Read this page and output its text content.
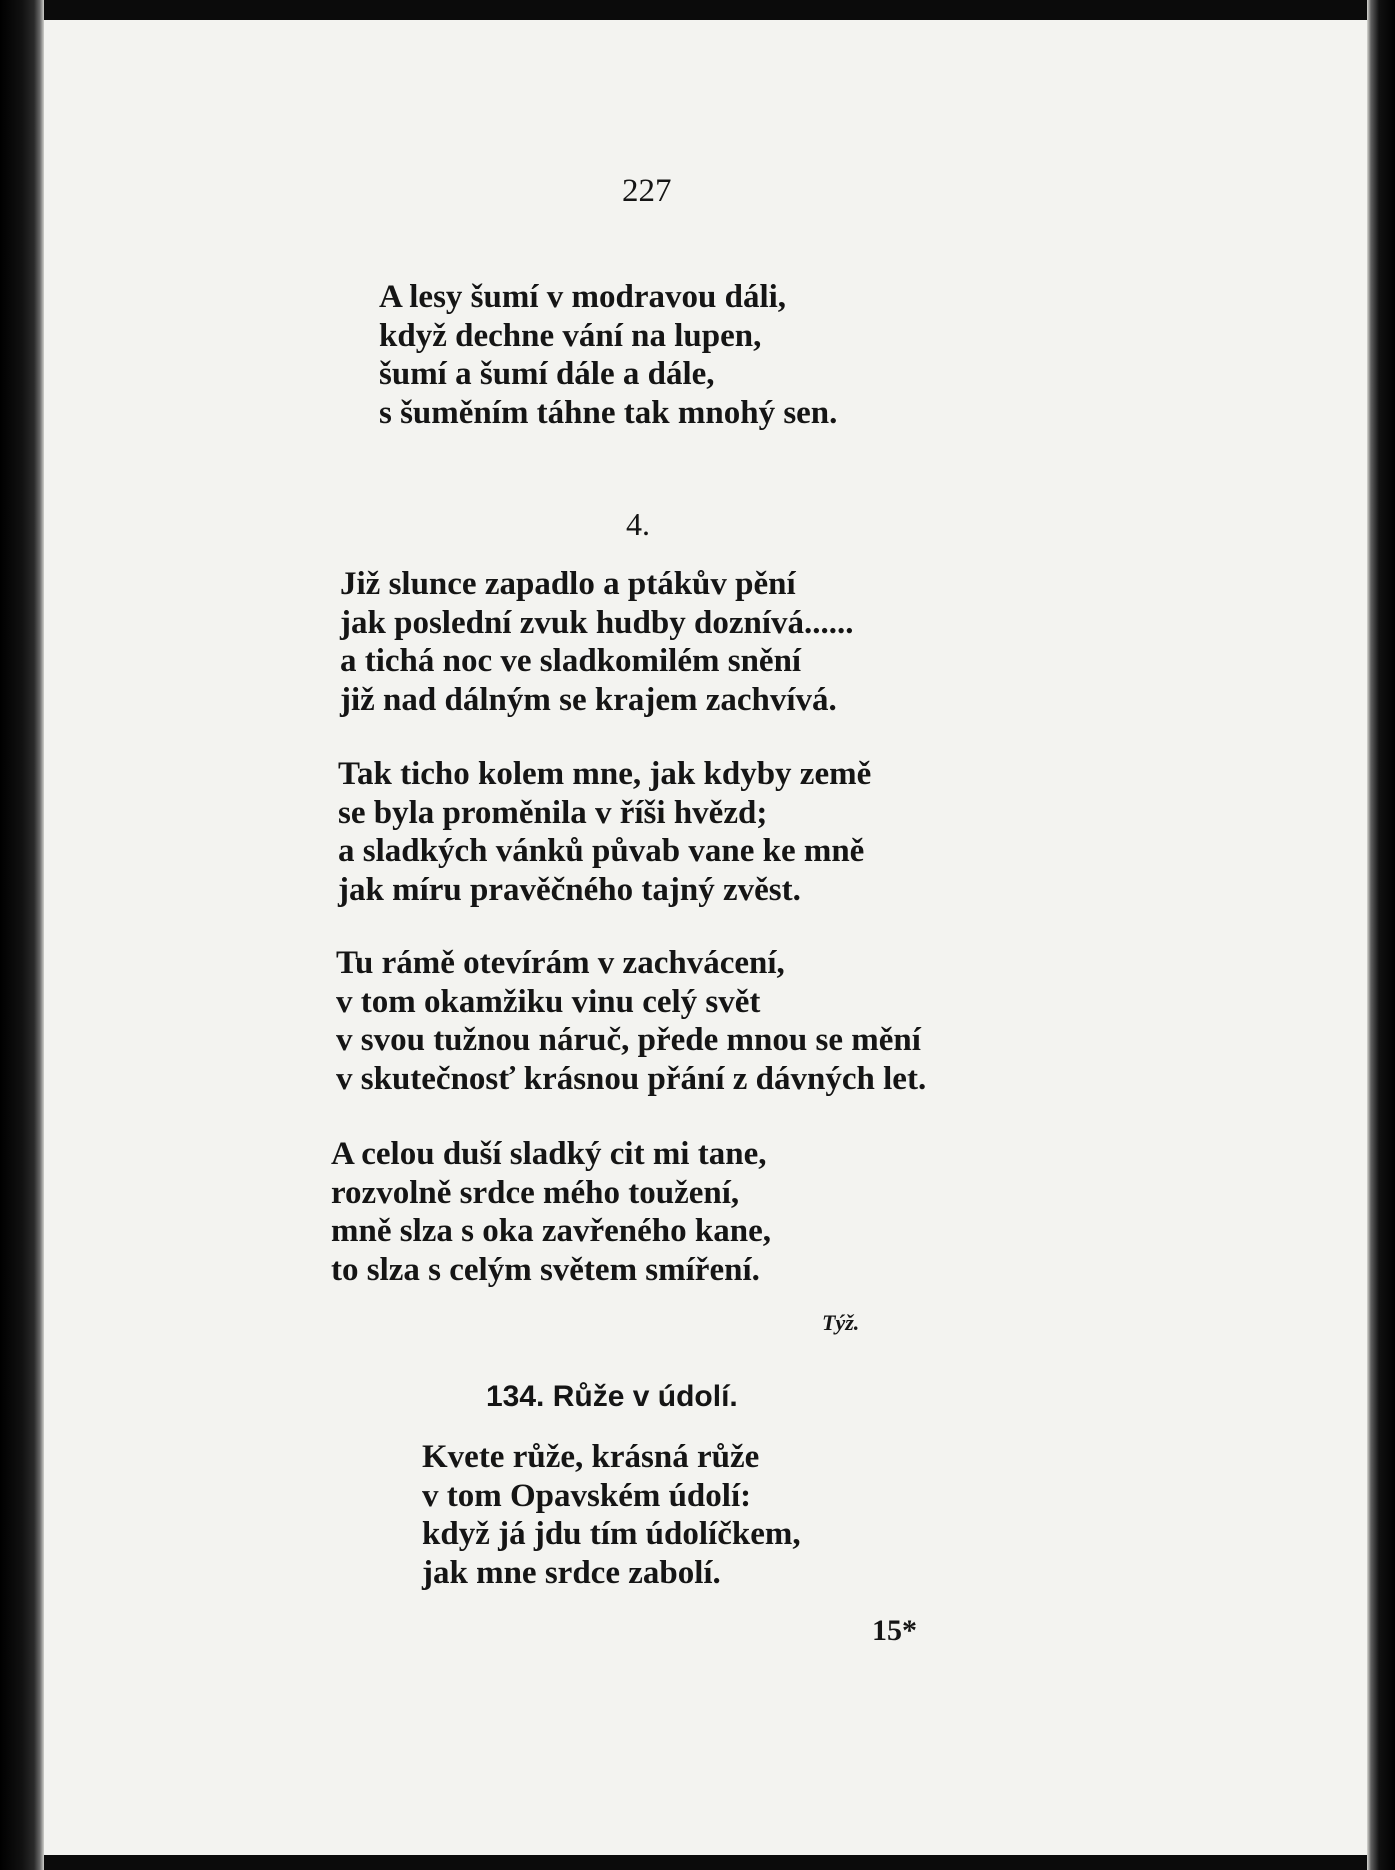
227
A lesy šumí v modravou dáli,
když dechne vání na lupen,
šumí a šumí dále a dále,
s šuměním táhne tak mnohý sen.
4.
Již slunce zapadlo a ptákův pění
jak poslední zvuk hudby doznívá......
a tichá noc ve sladkomilém snění
již nad dálným se krajem zachvívá.
Tak ticho kolem mne, jak kdyby země
se byla proměnila v říši hvězd;
a sladkých vánků půvab vane ke mně
jak míru pravěčného tajný zvěst.
Tu rámě otevírám v zachvácení,
v tom okamžiku vinu celý svět
v svou tužnou náruč, přede mnou se mění
v skutečnosť krásnou přání z dávných let.
A celou duší sladký cit mi tane,
rozvolně srdce mého toužení,
mně slza s oka zavřeného kane,
to slza s celým světem smíření.
Týž.
134. Růže v údolí.
Kvete růže, krásná růže
v tom Opavském údolí:
když já jdu tím údolíčkem,
jak mne srdce zabolí.
15*
